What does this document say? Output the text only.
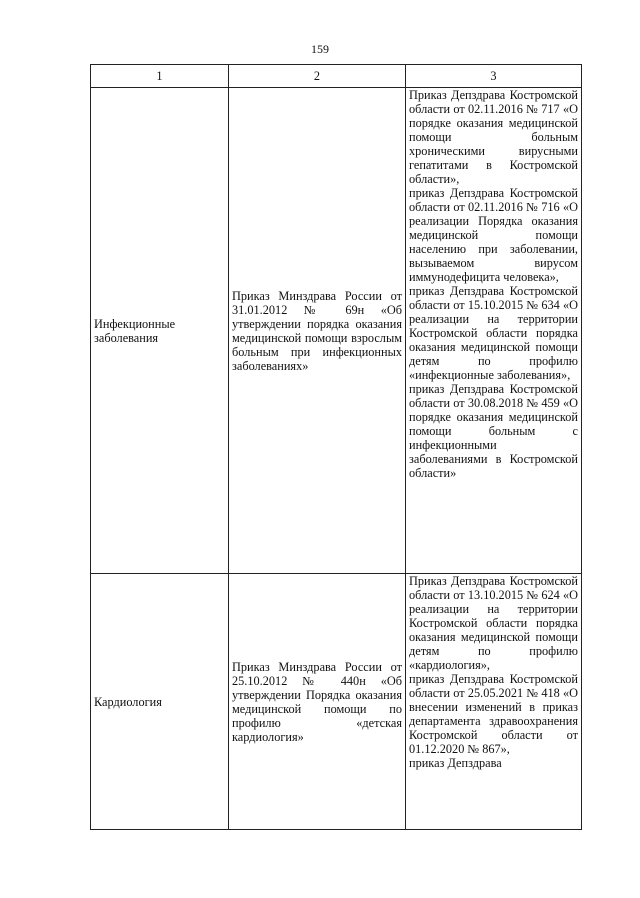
159
1	2	3
Инфекционные заболевания	Приказ Минздрава России от 31.01.2012 № 69н «Об утверждении порядка оказания медицинской помощи взрослым больным при инфекционных заболеваниях»	Приказ Депздрава Костромской области от 02.11.2016 № 717 «О порядке оказания медицинской помощи больным хроническими вирусными гепатитами в Костромской области»,
приказ Депздрава Костромской области от 02.11.2016 № 716 «О реализации Порядка оказания медицинской помощи населению при заболевании, вызываемом вирусом иммунодефицита человека»,
приказ Депздрава Костромской области от 15.10.2015 № 634 «О реализации на территории Костромской области порядка оказания медицинской помощи детям по профилю «инфекционные заболевания»,
приказ Депздрава Костромской области от 30.08.2018 № 459 «О порядке оказания медицинской помощи больным с инфекционными заболеваниями в Костромской области»

Кардиология	Приказ Минздрава России от 25.10.2012 № 440н «Об утверждении Порядка оказания медицинской помощи по профилю «детская кардиология»	Приказ Депздрава Костромской области от 13.10.2015 № 624 «О реализации на территории Костромской области порядка оказания медицинской помощи детям по профилю «кардиология»,
приказ Депздрава Костромской области от 25.05.2021 № 418 «О внесении изменений в приказ департамента здравоохранения Костромской области от 01.12.2020 № 867»,
приказ Депздрава
